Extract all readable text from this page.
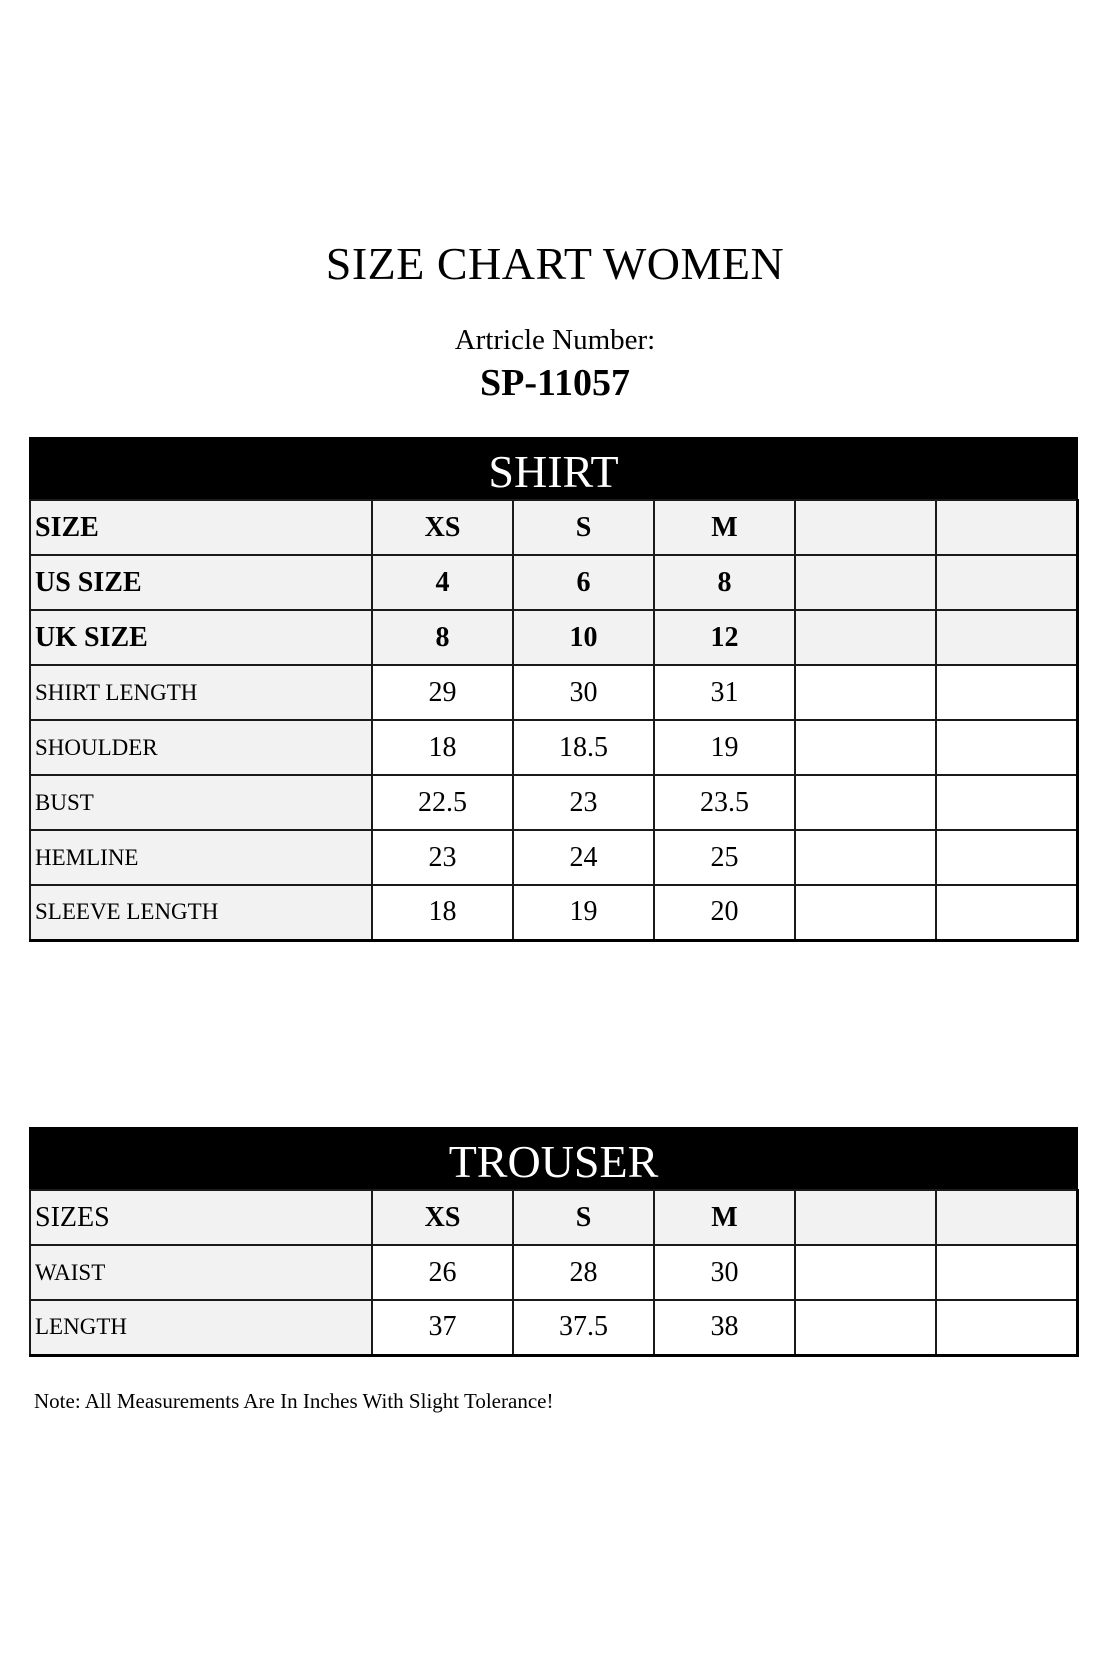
SIZE CHART WOMEN
Artricle Number:
SP-11057
SHIRT
SIZE	XS	S	M		
US SIZE	4	6	8		
UK SIZE	8	10	12		
SHIRT LENGTH	29	30	31		
SHOULDER	18	18.5	19		
BUST	22.5	23	23.5		
HEMLINE	23	24	25		
SLEEVE LENGTH	18	19	20		
TROUSER
SIZES	XS	S	M		
WAIST	26	28	30		
LENGTH	37	37.5	38		
Note: All Measurements Are In Inches With Slight Tolerance!
